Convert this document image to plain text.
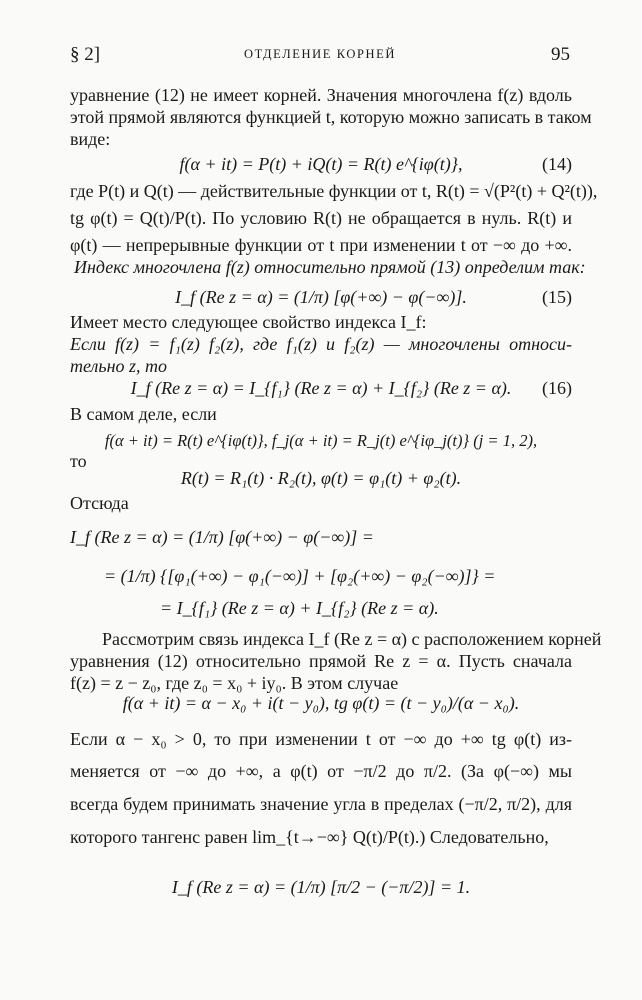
§ 2]	ОТДЕЛЕНИЕ КОРНЕЙ	95
уравнение (12) не имеет корней. Значения многочлена f(z) вдоль
этой прямой являются функцией t, которую можно записать в таком
виде:
f(α + it) = P(t) + iQ(t) = R(t) e^{iφ(t)},	(14)
где P(t) и Q(t) — действительные функции от t, R(t) = √(P²(t) + Q²(t)),
tg φ(t) = Q(t)/P(t). По условию R(t) не обращается в нуль. R(t) и
φ(t) — непрерывные функции от t при изменении t от −∞ до +∞.
Индекс многочлена f(z) относительно прямой (13) определим так:
I_f (Re z = α) = (1/π) [φ(+∞) − φ(−∞)].	(15)
Имеет место следующее свойство индекса I_f:
Если f(z) = f₁(z) f₂(z), где f₁(z) и f₂(z) — многочлены относи-
тельно z, то
I_f (Re z = α) = I_{f₁} (Re z = α) + I_{f₂} (Re z = α).	(16)
В самом деле, если
f(α + it) = R(t) e^{iφ(t)}, f_j(α + it) = R_j(t) e^{iφ_j(t)} (j = 1, 2),
то
R(t) = R₁(t) · R₂(t), φ(t) = φ₁(t) + φ₂(t).
Отсюда
I_f (Re z = α) = (1/π) [φ(+∞) − φ(−∞)] =
= (1/π) {[φ₁(+∞) − φ₁(−∞)] + [φ₂(+∞) − φ₂(−∞)]} =
= I_{f₁} (Re z = α) + I_{f₂} (Re z = α).
Рассмотрим связь индекса I_f (Re z = α) с расположением корней
уравнения (12) относительно прямой Re z = α. Пусть сначала
f(z) = z − z₀, где z₀ = x₀ + iy₀. В этом случае
f(α + it) = α − x₀ + i(t − y₀), tg φ(t) = (t − y₀)/(α − x₀).
Если α − x₀ > 0, то при изменении t от −∞ до +∞ tg φ(t) из-
меняется от −∞ до +∞, а φ(t) от −π/2 до π/2. (За φ(−∞) мы
всегда будем принимать значение угла в пределах (−π/2, π/2), для
которого тангенс равен lim_{t→−∞} Q(t)/P(t).) Следовательно,
I_f (Re z = α) = (1/π) [π/2 − (−π/2)] = 1.
